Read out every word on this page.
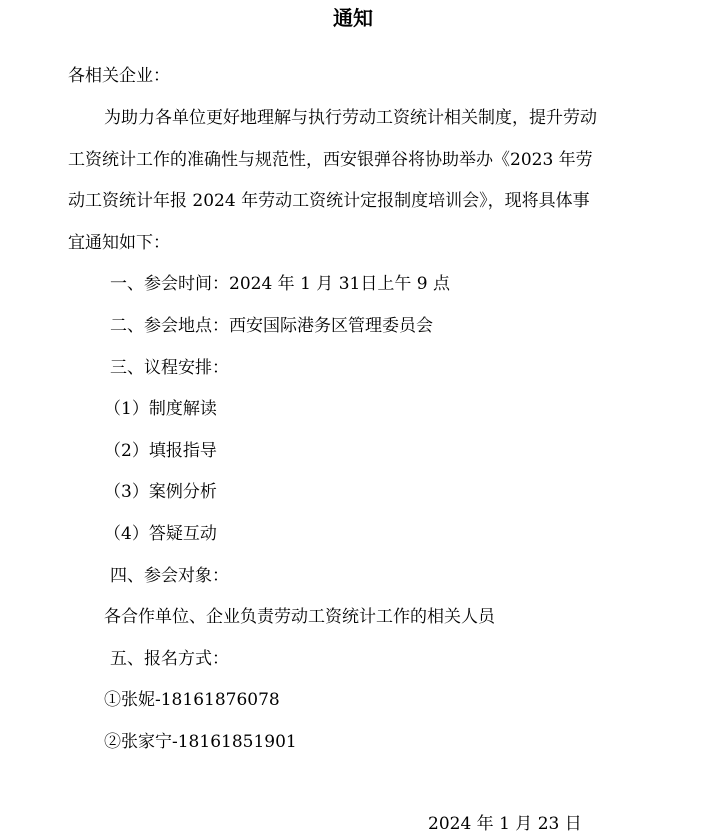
通知
各相关企业：
为助力各单位更好地理解与执行劳动工资统计相关制度，提升劳动
工资统计工作的准确性与规范性，西安银弹谷将协助举办《2023 年劳
动工资统计年报 2024 年劳动工资统计定报制度培训会》，现将具体事
宜通知如下：
一、参会时间：2024 年 1 月 31日上午 9 点
二、参会地点：西安国际港务区管理委员会
三、议程安排：
（1）制度解读
（2）填报指导
（3）案例分析
（4）答疑互动
四、参会对象：
各合作单位、企业负责劳动工资统计工作的相关人员
五、报名方式：
①张妮-18161876078
②张家宁-18161851901
2024 年 1 月 23 日
